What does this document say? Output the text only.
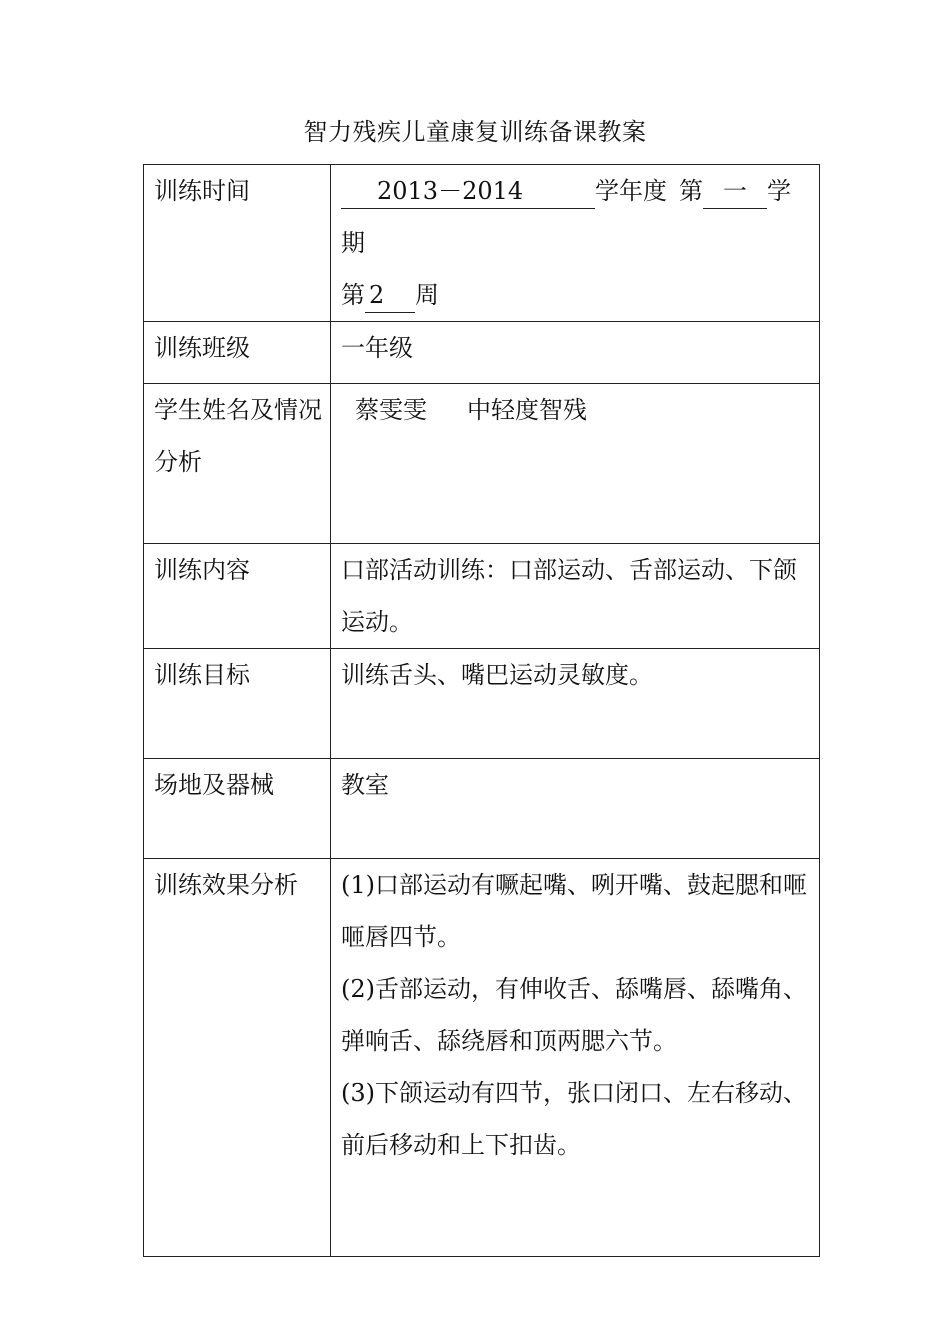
智力残疾儿童康复训练备课教案
训练时间	2013－2014 学年度 第 一 学期
第 2 周
训练班级	一年级
学生姓名及情况分析	蔡雯雯 中轻度智残
训练内容	口部活动训练：口部运动、舌部运动、下颌运动。
训练目标	训练舌头、嘴巴运动灵敏度。
场地及器械	教室
训练效果分析	(1)口部运动有噘起嘴、咧开嘴、鼓起腮和咂咂唇四节。
(2)舌部运动，有伸收舌、舔嘴唇、舔嘴角、弹响舌、舔绕唇和顶两腮六节。
(3)下颌运动有四节，张口闭口、左右移动、前后移动和上下扣齿。
